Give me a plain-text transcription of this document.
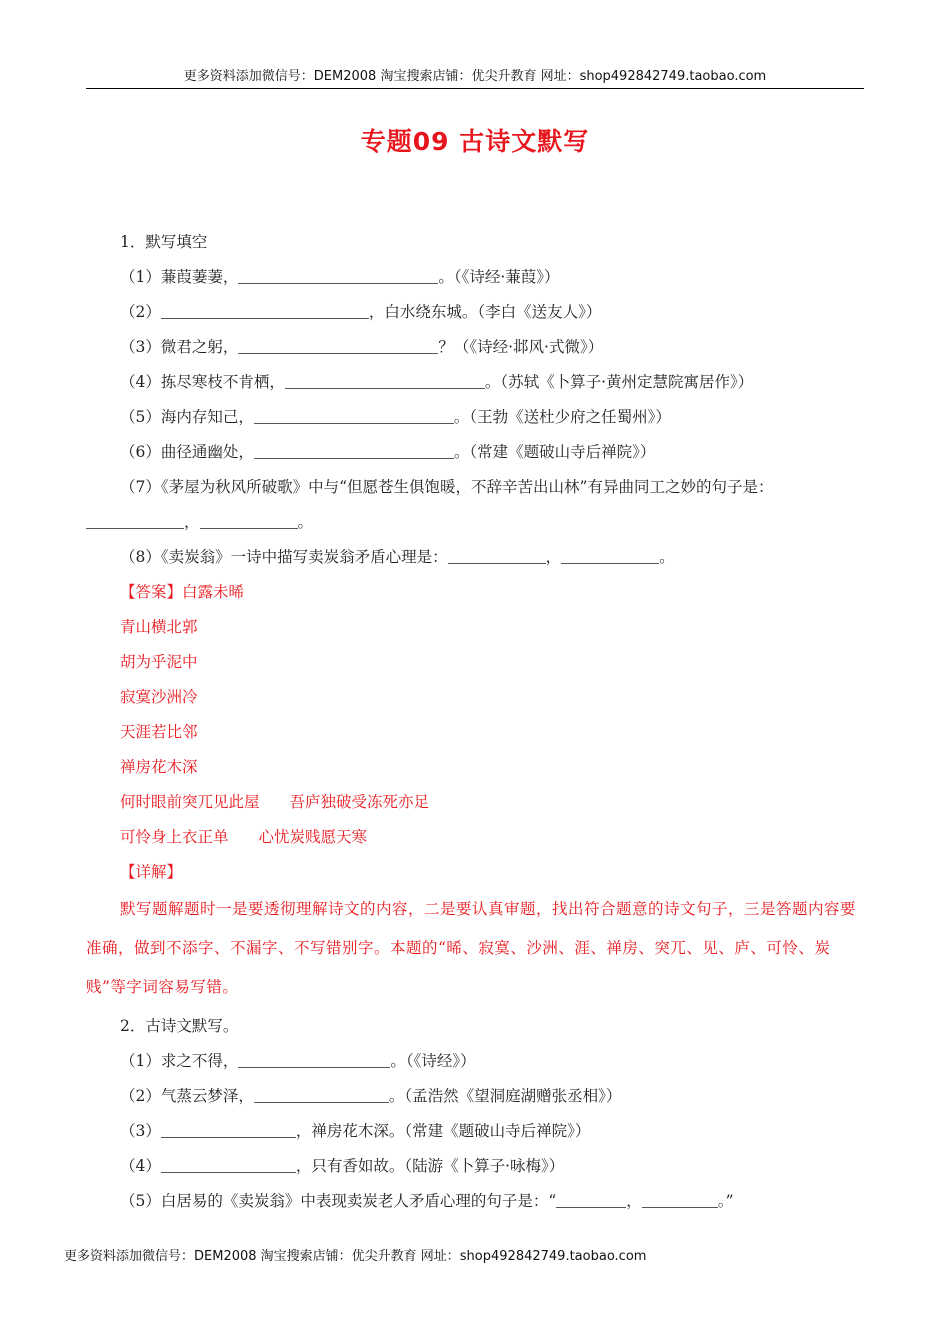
更多资料添加微信号：DEM2008 淘宝搜索店铺：优尖升教育 网址：shop492842749.taobao.com
专题09 古诗文默写
1．默写填空
（1）蒹葭萋萋，	。（《诗经·蒹葭》）
（2）	，白水绕东城。（李白《送友人》）
（3）微君之躬，	？（《诗经·邶风·式微》）
（4）拣尽寒枝不肯栖，	。（苏轼《卜算子·黄州定慧院寓居作》）
（5）海内存知己，	。（王勃《送杜少府之任蜀州》）
（6）曲径通幽处，	。（常建《题破山寺后禅院》）
（7）《茅屋为秋风所破歌》中与“但愿苍生俱饱暖，不辞辛苦出山林”有异曲同工之妙的句子是：
，	。
（8）《卖炭翁》一诗中描写卖炭翁矛盾心理是：	，	。
【答案】白露未晞
青山横北郭
胡为乎泥中
寂寞沙洲冷
天涯若比邻
禅房花木深
何时眼前突兀见此屋 吾庐独破受冻死亦足
可怜身上衣正单 心忧炭贱愿天寒
【详解】
默写题解题时一是要透彻理解诗文的内容，二是要认真审题，找出符合题意的诗文句子，三是答题内容要准确，做到不添字、不漏字、不写错别字。本题的“晞、寂寞、沙洲、涯、禅房、突兀、见、庐、可怜、炭贱”等字词容易写错。
2．古诗文默写。
（1）求之不得，	。（《诗经》）
（2）气蒸云梦泽，	。（孟浩然《望洞庭湖赠张丞相》）
（3）	，禅房花木深。（常建《题破山寺后禅院》）
（4）	，只有香如故。（陆游《卜算子·咏梅》）
（5）白居易的《卖炭翁》中表现卖炭老人矛盾心理的句子是：“	，	。”
更多资料添加微信号：DEM2008 淘宝搜索店铺：优尖升教育 网址：shop492842749.taobao.com
